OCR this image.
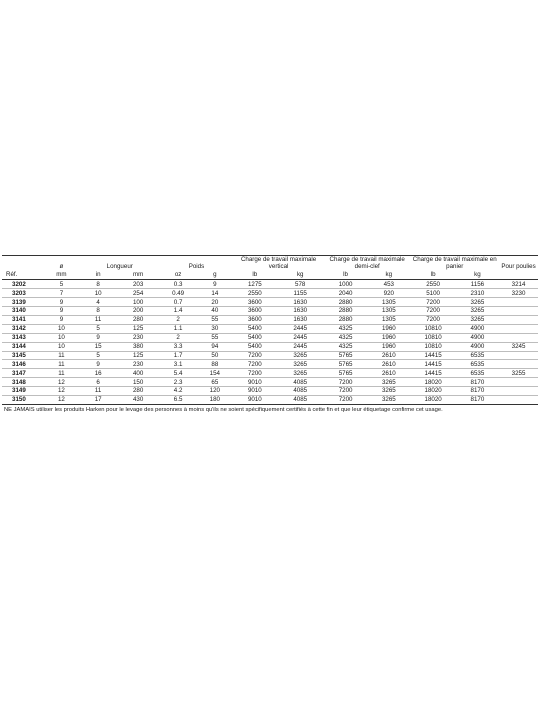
	ø	Longueur		Poids		Charge de travail maximale vertical		Charge de travail maximale demi-clef		Charge de travail maximale en panier		Pour poulies
Réf.	mm	in	mm	oz	g	lb	kg	lb	kg	lb	kg	
3202	5	8	203	0.3	9	1275	578	1000	453	2550	1156	3214
3203	7	10	254	0.49	14	2550	1155	2040	920	5100	2310	3230
3139	9	4	100	0.7	20	3600	1630	2880	1305	7200	3265	
3140	9	8	200	1.4	40	3600	1630	2880	1305	7200	3265	
3141	9	11	280	2	55	3600	1630	2880	1305	7200	3265	
3142	10	5	125	1.1	30	5400	2445	4325	1960	10810	4900	
3143	10	9	230	2	55	5400	2445	4325	1960	10810	4900	
3144	10	15	380	3.3	94	5400	2445	4325	1960	10810	4900	3245
3145	11	5	125	1.7	50	7200	3265	5765	2610	14415	6535	
3146	11	9	230	3.1	88	7200	3265	5765	2610	14415	6535	
3147	11	16	400	5.4	154	7200	3265	5765	2610	14415	6535	3255
3148	12	6	150	2.3	65	9010	4085	7200	3265	18020	8170	
3149	12	11	280	4.2	120	9010	4085	7200	3265	18020	8170	
3150	12	17	430	6.5	180	9010	4085	7200	3265	18020	8170	
NE JAMAIS utiliser les produits Harken pour le levage des personnes à moins qu'ils ne soient spécifiquement certifiés à cette fin et que leur étiquetage confirme cet usage.
